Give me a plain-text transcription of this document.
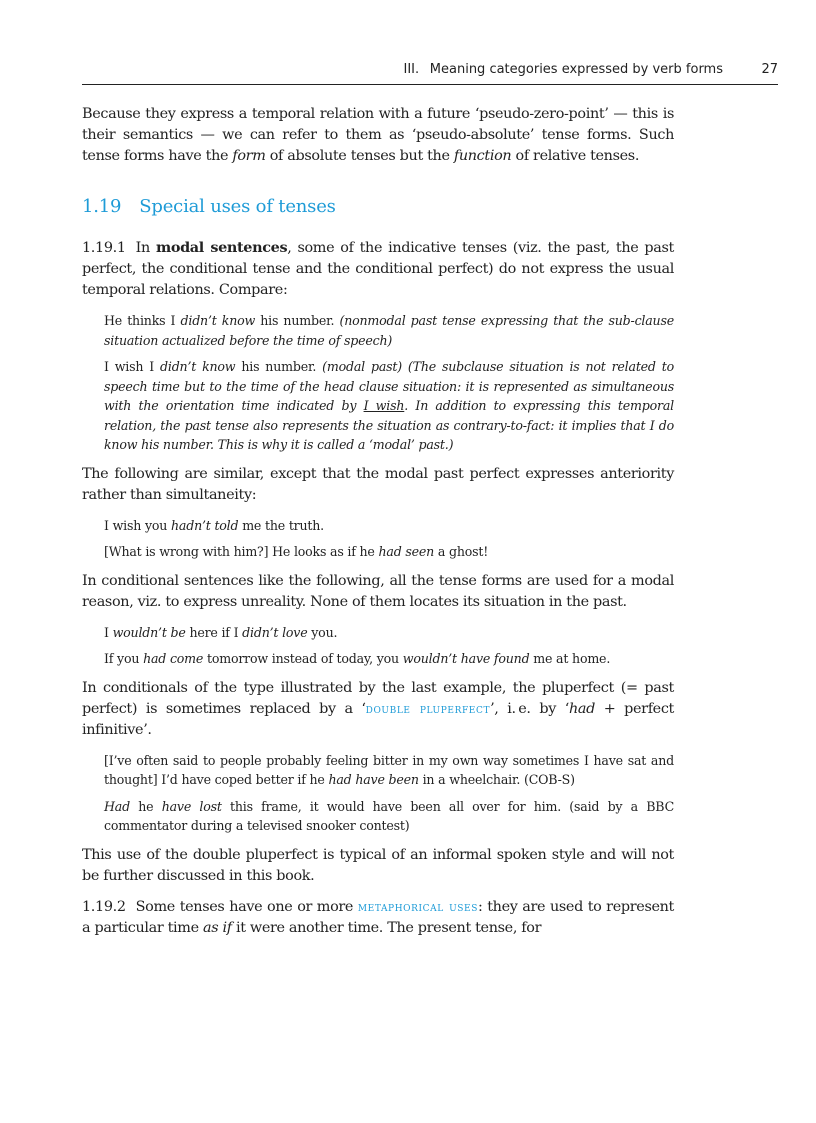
III.  Meaning categories expressed by verb forms	27

Because they express a temporal relation with a future ‘pseudo-zero-point’ — this is their semantics — we can refer to them as ‘pseudo-absolute’ tense forms. Such tense forms have the form of absolute tenses but the function of relative tenses.

1.19 Special uses of tenses

1.19.1 In modal sentences, some of the indicative tenses (viz. the past, the past perfect, the conditional tense and the conditional perfect) do not express the usual temporal relations. Compare:

He thinks I didn’t know his number. (nonmodal past tense expressing that the sub-clause situation actualized before the time of speech)
I wish I didn’t know his number. (modal past) (The subclause situation is not related to speech time but to the time of the head clause situation: it is represented as simultaneous with the orientation time indicated by I wish. In addition to expressing this temporal relation, the past tense also represents the situation as contrary-to-fact: it implies that I do know his number. This is why it is called a ‘modal’ past.)

The following are similar, except that the modal past perfect expresses anteriority rather than simultaneity:

I wish you hadn’t told me the truth.
[What is wrong with him?] He looks as if he had seen a ghost!

In conditional sentences like the following, all the tense forms are used for a modal reason, viz. to express unreality. None of them locates its situation in the past.

I wouldn’t be here if I didn’t love you.
If you had come tomorrow instead of today, you wouldn’t have found me at home.

In conditionals of the type illustrated by the last example, the pluperfect (= past perfect) is sometimes replaced by a ‘double pluperfect’, i. e. by ‘had + perfect infinitive’.

[I’ve often said to people probably feeling bitter in my own way sometimes I have sat and thought] I’d have coped better if he had have been in a wheelchair. (COB-S)
Had he have lost this frame, it would have been all over for him. (said by a BBC commentator during a televised snooker contest)

This use of the double pluperfect is typical of an informal spoken style and will not be further discussed in this book.

1.19.2 Some tenses have one or more metaphorical uses: they are used to represent a particular time as if it were another time. The present tense, for
